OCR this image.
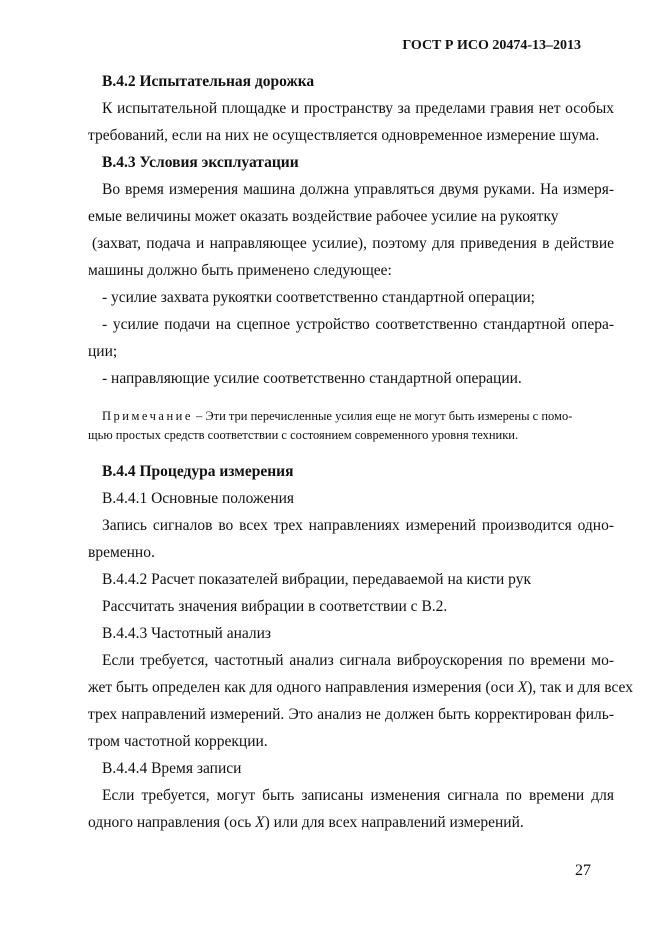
ГОСТ Р ИСО 20474-13–2013
В.4.2 Испытательная дорожка
К испытательной площадке и пространству за пределами гравия нет особых
требований, если на них не осуществляется одновременное измерение шума.
В.4.3 Условия эксплуатации
Во время измерения машина должна управляться двумя руками. На измеря-
емые величины может оказать воздействие рабочее усилие на рукоятку
(захват, подача и направляющее усилие), поэтому для приведения в действие
машины должно быть применено следующее:
- усилие захвата рукоятки соответственно стандартной операции;
- усилие подачи на сцепное устройство соответственно стандартной опера-
ции;
- направляющие усилие соответственно стандартной операции.
Примечание – Эти три перечисленные усилия еще не могут быть измерены с помо-
щью простых средств соответствии с состоянием современного уровня техники.
В.4.4 Процедура измерения
В.4.4.1 Основные положения
Запись сигналов во всех трех направлениях измерений производится одно-
временно.
В.4.4.2 Расчет показателей вибрации, передаваемой на кисти рук
Рассчитать значения вибрации в соответствии с В.2.
В.4.4.3 Частотный анализ
Если требуется, частотный анализ сигнала виброускорения по времени мо-
жет быть определен как для одного направления измерения (оси X), так и для всех
трех направлений измерений. Это анализ не должен быть корректирован филь-
тром частотной коррекции.
В.4.4.4 Время записи
Если требуется, могут быть записаны изменения сигнала по времени для
одного направления (ось X) или для всех направлений измерений.
27
